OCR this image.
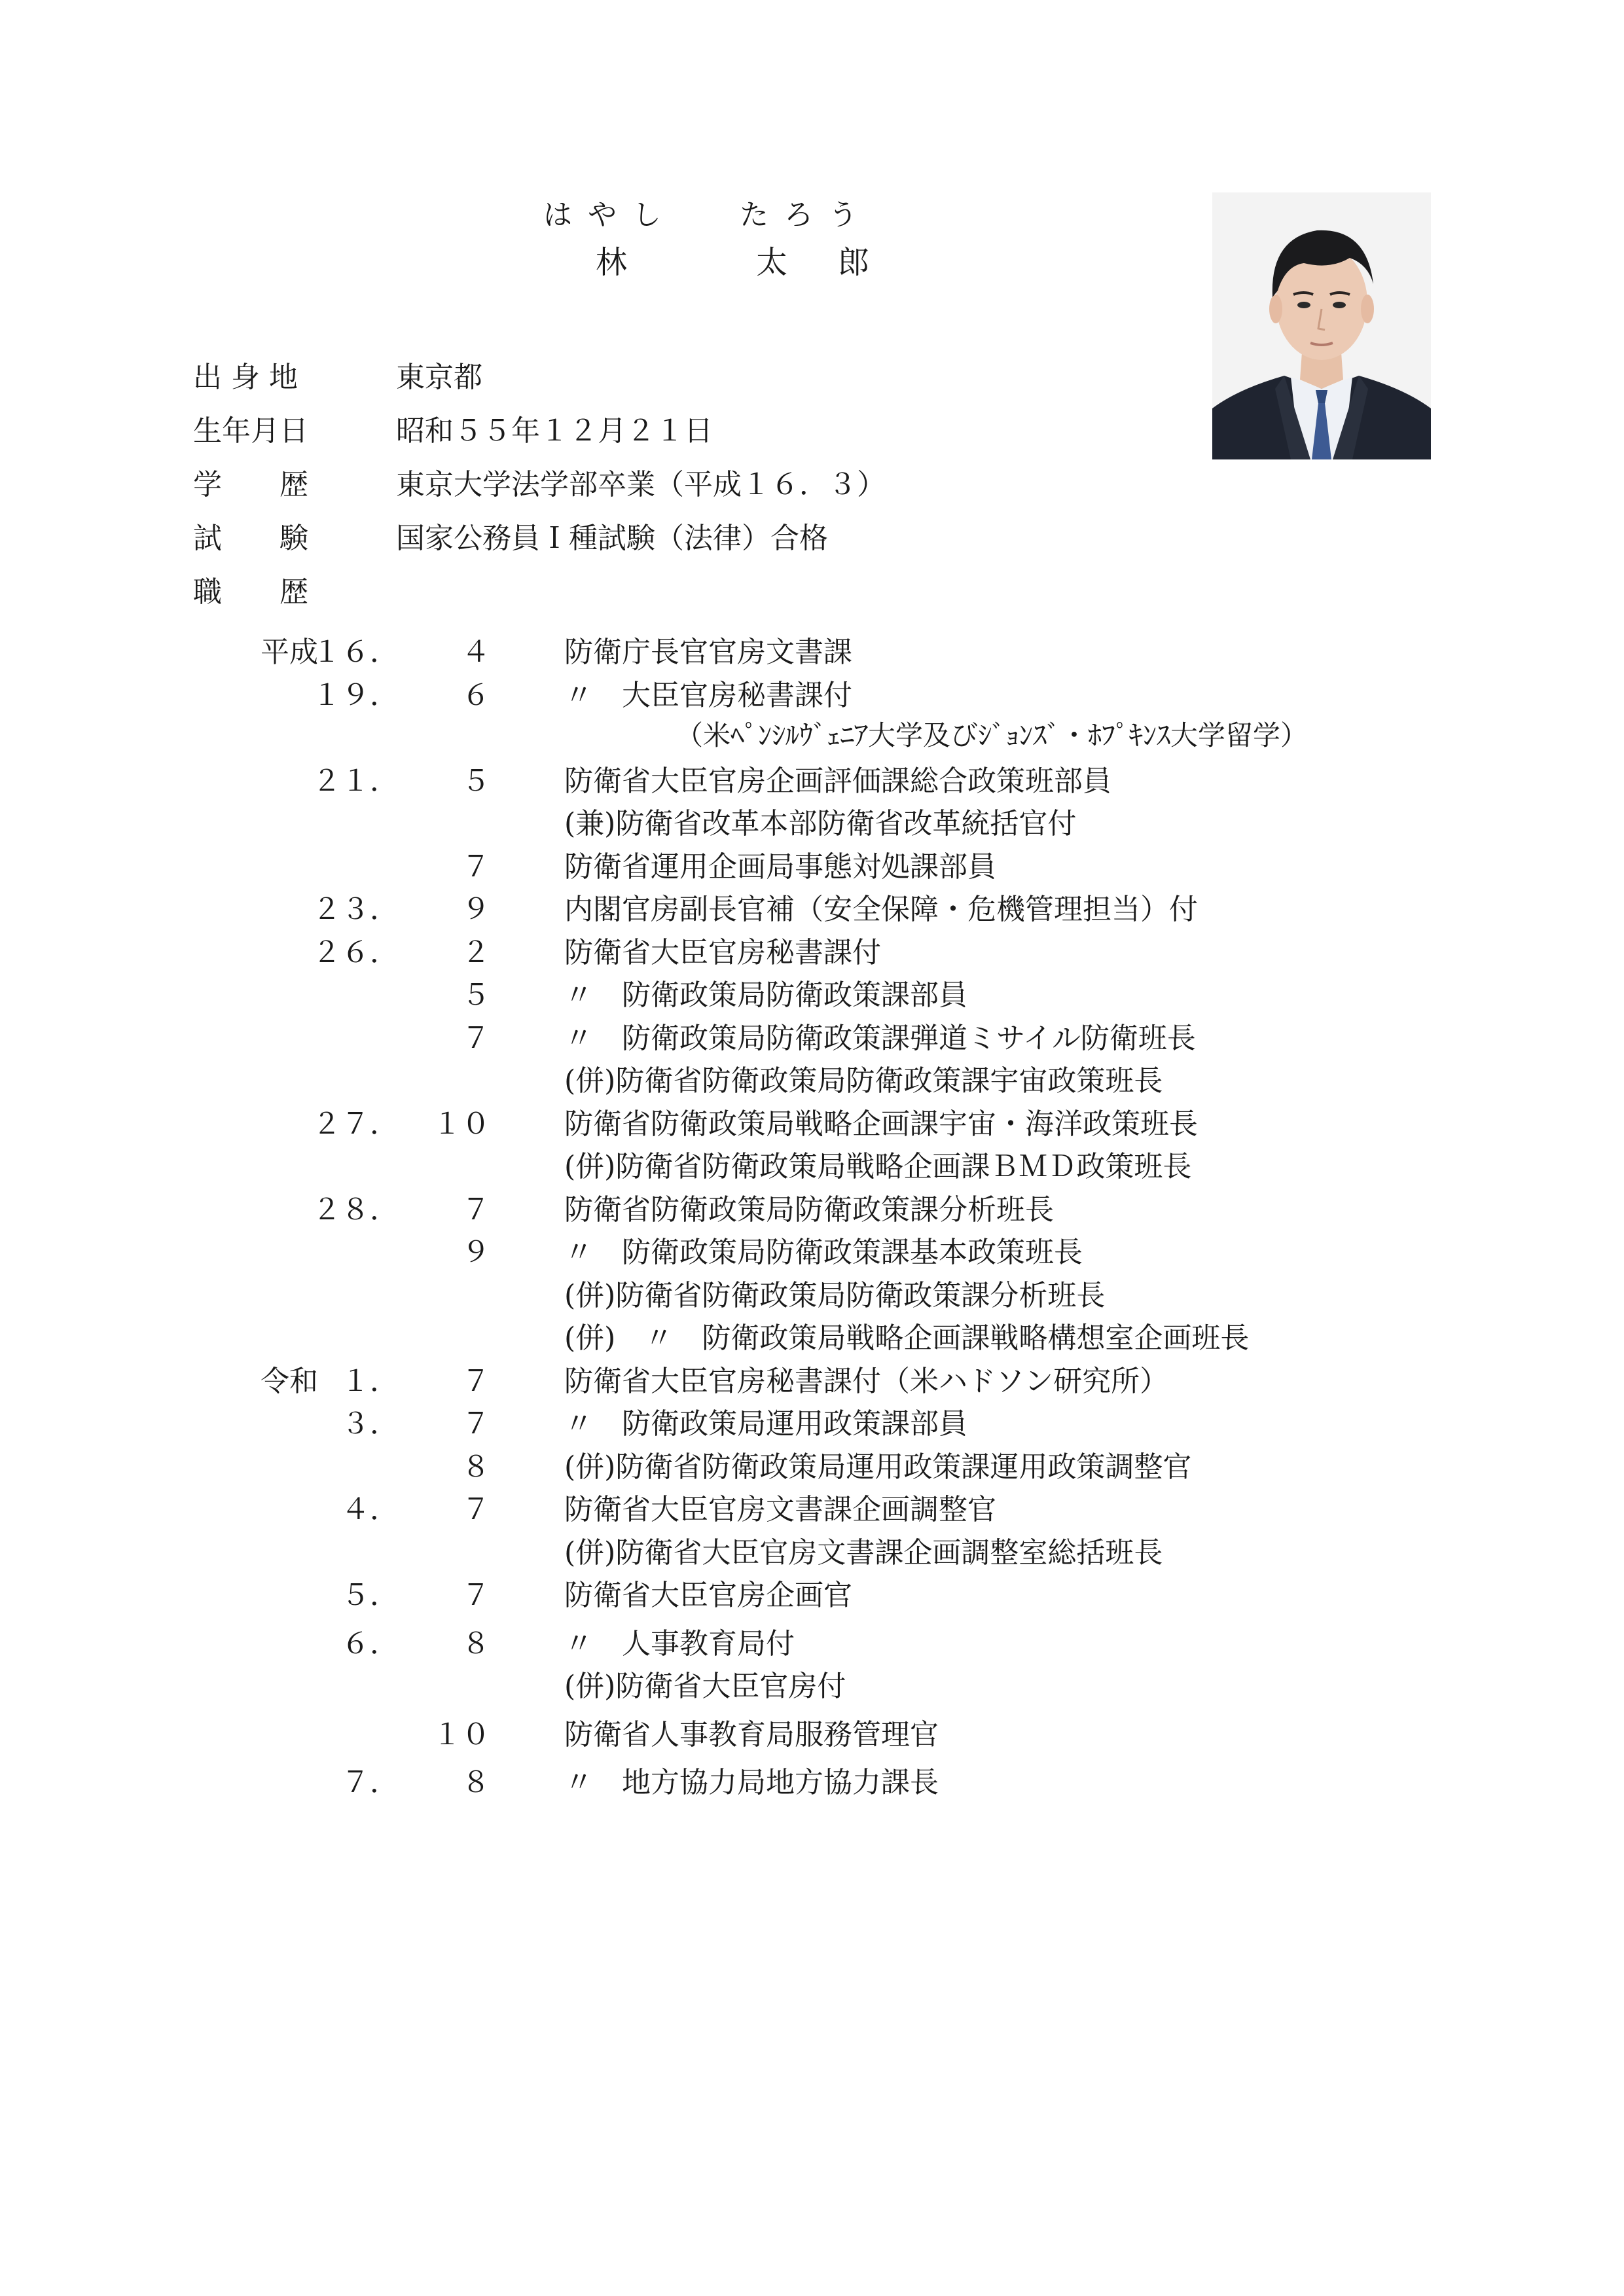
はやし たろう
林	太 郎
出 身 地	東京都
生年月日	昭和５５年１２月２１日
学　　歴	東京大学法学部卒業（平成１６．３）
試　　験	国家公務員Ｉ種試験（法律）合格
職　　歴
平成
１６． ４	防衛庁長官官房文書課
１９． ６	〃　大臣官房秘書課付
（米ﾍﾟﾝｼﾙｳﾞｪﾆｱ大学及びｼﾞｮﾝｽﾞ・ﾎﾌﾟｷﾝｽ大学留学）
２１． ５	防衛省大臣官房企画評価課総合政策班部員
(兼)防衛省改革本部防衛省改革統括官付
７	防衛省運用企画局事態対処課部員
２３． ９	内閣官房副長官補（安全保障・危機管理担当）付
２６． ２	防衛省大臣官房秘書課付
５	〃　防衛政策局防衛政策課部員
７	〃　防衛政策局防衛政策課弾道ミサイル防衛班長
(併)防衛省防衛政策局防衛政策課宇宙政策班長
２７． １０	防衛省防衛政策局戦略企画課宇宙・海洋政策班長
(併)防衛省防衛政策局戦略企画課ＢＭＤ政策班長
２８． ７	防衛省防衛政策局防衛政策課分析班長
９	〃　防衛政策局防衛政策課基本政策班長
(併)防衛省防衛政策局防衛政策課分析班長
(併)　〃　防衛政策局戦略企画課戦略構想室企画班長
令和 １． ７	防衛省大臣官房秘書課付（米ハドソン研究所）
３． ７	〃　防衛政策局運用政策課部員
８	(併)防衛省防衛政策局運用政策課運用政策調整官
４． ７	防衛省大臣官房文書課企画調整官
(併)防衛省大臣官房文書課企画調整室総括班長
５． ７	防衛省大臣官房企画官
６． ８	〃　人事教育局付
(併)防衛省大臣官房付
１０	防衛省人事教育局服務管理官
７． ８	〃　地方協力局地方協力課長
